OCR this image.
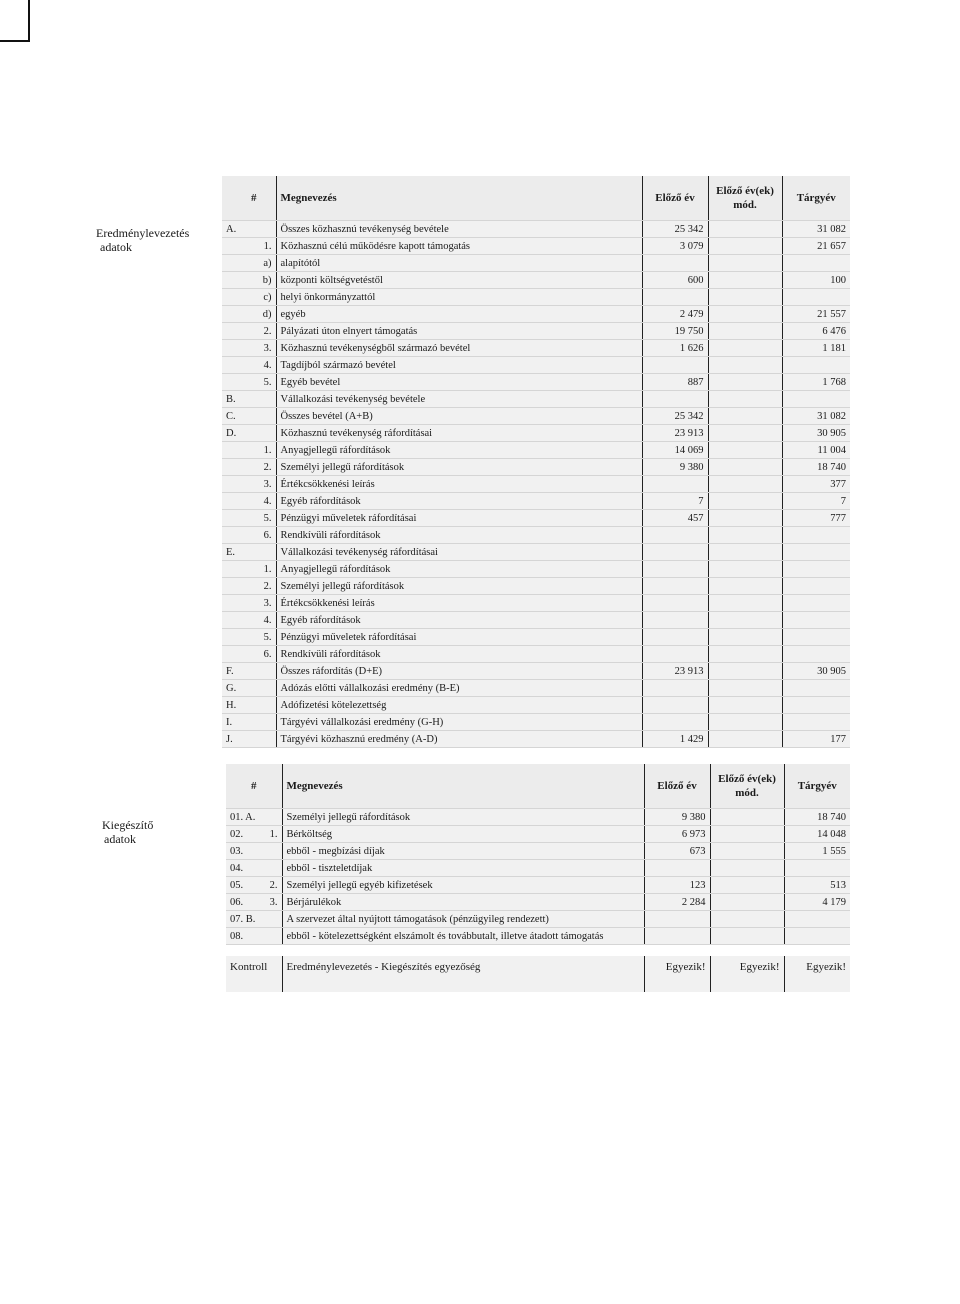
Eredménylevezetés
adatok
#		Megnevezés	Előző év	Előző év(ek) mód.	Tárgyév
A.		Összes közhasznú tevékenység bevétele	25 342		31 082
	1.	Közhasznú célú működésre kapott támogatás	3 079		21 657
	a)	alapítótól			
	b)	központi költségvetéstől	600		100
	c)	helyi önkormányzattól			
	d)	egyéb	2 479		21 557
	2.	Pályázati úton elnyert támogatás	19 750		6 476
	3.	Közhasznú tevékenységből származó bevétel	1 626		1 181
	4.	Tagdíjból származó bevétel			
	5.	Egyéb bevétel	887		1 768
B.		Vállalkozási tevékenység bevétele			
C.		Összes bevétel (A+B)	25 342		31 082
D.		Közhasznú tevékenység ráfordításai	23 913		30 905
	1.	Anyagjellegű ráfordítások	14 069		11 004
	2.	Személyi jellegű ráfordítások	9 380		18 740
	3.	Értékcsökkenési leírás			377
	4.	Egyéb ráfordítások	7		7
	5.	Pénzügyi műveletek ráfordításai	457		777
	6.	Rendkívüli ráfordítások			
E.		Vállalkozási tevékenység ráfordításai			
	1.	Anyagjellegű ráfordítások			
	2.	Személyi jellegű ráfordítások			
	3.	Értékcsökkenési leírás			
	4.	Egyéb ráfordítások			
	5.	Pénzügyi műveletek ráfordításai			
	6.	Rendkívüli ráfordítások			
F.		Összes ráfordítás (D+E)	23 913		30 905
G.		Adózás előtti vállalkozási eredmény (B-E)			
H.		Adófizetési kötelezettség			
I.		Tárgyévi vállalkozási eredmény (G-H)			
J.		Tárgyévi közhasznú eredmény (A-D)	1 429		177
Kiegészítő
adatok
#		Megnevezés	Előző év	Előző év(ek) mód.	Tárgyév
01. A.		Személyi jellegű ráfordítások	9 380		18 740
02.	1.	Bérköltség	6 973		14 048
03.		ebből - megbízási díjak	673		1 555
04.		ebből - tiszteletdíjak			
05.	2.	Személyi jellegű egyéb kifizetések	123		513
06.	3.	Bérjárulékok	2 284		4 179
07. B.		A szervezet által nyújtott támogatások (pénzügyileg rendezett)			
08.		ebből - kötelezettségként elszámolt és továbbutalt, illetve átadott támogatás			
Kontroll	Eredménylevezetés - Kiegészítés egyezőség	Egyezik!	Egyezik!	Egyezik!
